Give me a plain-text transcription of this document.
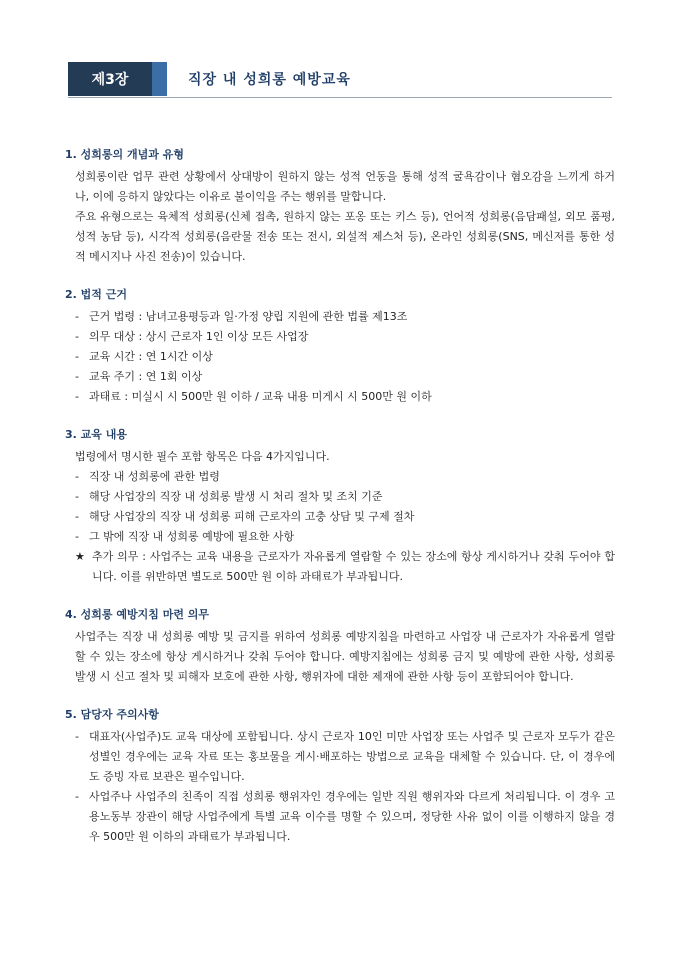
제3장	직장 내 성희롱 예방교육
1. 성희롱의 개념과 유형

성희롱이란 업무 관련 상황에서 상대방이 원하지 않는 성적 언동을 통해 성적 굴욕감이나 혐오감을 느끼게 하거나, 이에 응하지 않았다는 이유로 불이익을 주는 행위를 말합니다.

주요 유형으로는 육체적 성희롱(신체 접촉, 원하지 않는 포옹 또는 키스 등), 언어적 성희롱(음담패설, 외모 품평, 성적 농담 등), 시각적 성희롱(음란물 전송 또는 전시, 외설적 제스처 등), 온라인 성희롱(SNS, 메신저를 통한 성적 메시지나 사진 전송)이 있습니다.

2. 법적 근거
- 근거 법령 : 남녀고용평등과 일·가정 양립 지원에 관한 법률 제13조
- 의무 대상 : 상시 근로자 1인 이상 모든 사업장
- 교육 시간 : 연 1시간 이상
- 교육 주기 : 연 1회 이상
- 과태료 : 미실시 시 500만 원 이하 / 교육 내용 미게시 시 500만 원 이하
3. 교육 내용

법령에서 명시한 필수 포함 항목은 다음 4가지입니다.

- 직장 내 성희롱에 관한 법령
- 해당 사업장의 직장 내 성희롱 발생 시 처리 절차 및 조치 기준
- 해당 사업장의 직장 내 성희롱 피해 근로자의 고충 상담 및 구제 절차
- 그 밖에 직장 내 성희롱 예방에 필요한 사항
★ 추가 의무 : 사업주는 교육 내용을 근로자가 자유롭게 열람할 수 있는 장소에 항상 게시하거나 갖춰 두어야 합니다. 이를 위반하면 별도로 500만 원 이하 과태료가 부과됩니다.
4. 성희롱 예방지침 마련 의무

사업주는 직장 내 성희롱 예방 및 금지를 위하여 성희롱 예방지침을 마련하고 사업장 내 근로자가 자유롭게 열람할 수 있는 장소에 항상 게시하거나 갖춰 두어야 합니다. 예방지침에는 성희롱 금지 및 예방에 관한 사항, 성희롱 발생 시 신고 절차 및 피해자 보호에 관한 사항, 행위자에 대한 제재에 관한 사항 등이 포함되어야 합니다.

5. 담당자 주의사항
- 대표자(사업주)도 교육 대상에 포함됩니다. 상시 근로자 10인 미만 사업장 또는 사업주 및 근로자 모두가 같은 성별인 경우에는 교육 자료 또는 홍보물을 게시·배포하는 방법으로 교육을 대체할 수 있습니다. 단, 이 경우에도 증빙 자료 보관은 필수입니다.
- 사업주나 사업주의 친족이 직접 성희롱 행위자인 경우에는 일반 직원 행위자와 다르게 처리됩니다. 이 경우 고용노동부 장관이 해당 사업주에게 특별 교육 이수를 명할 수 있으며, 정당한 사유 없이 이를 이행하지 않을 경우 500만 원 이하의 과태료가 부과됩니다.
